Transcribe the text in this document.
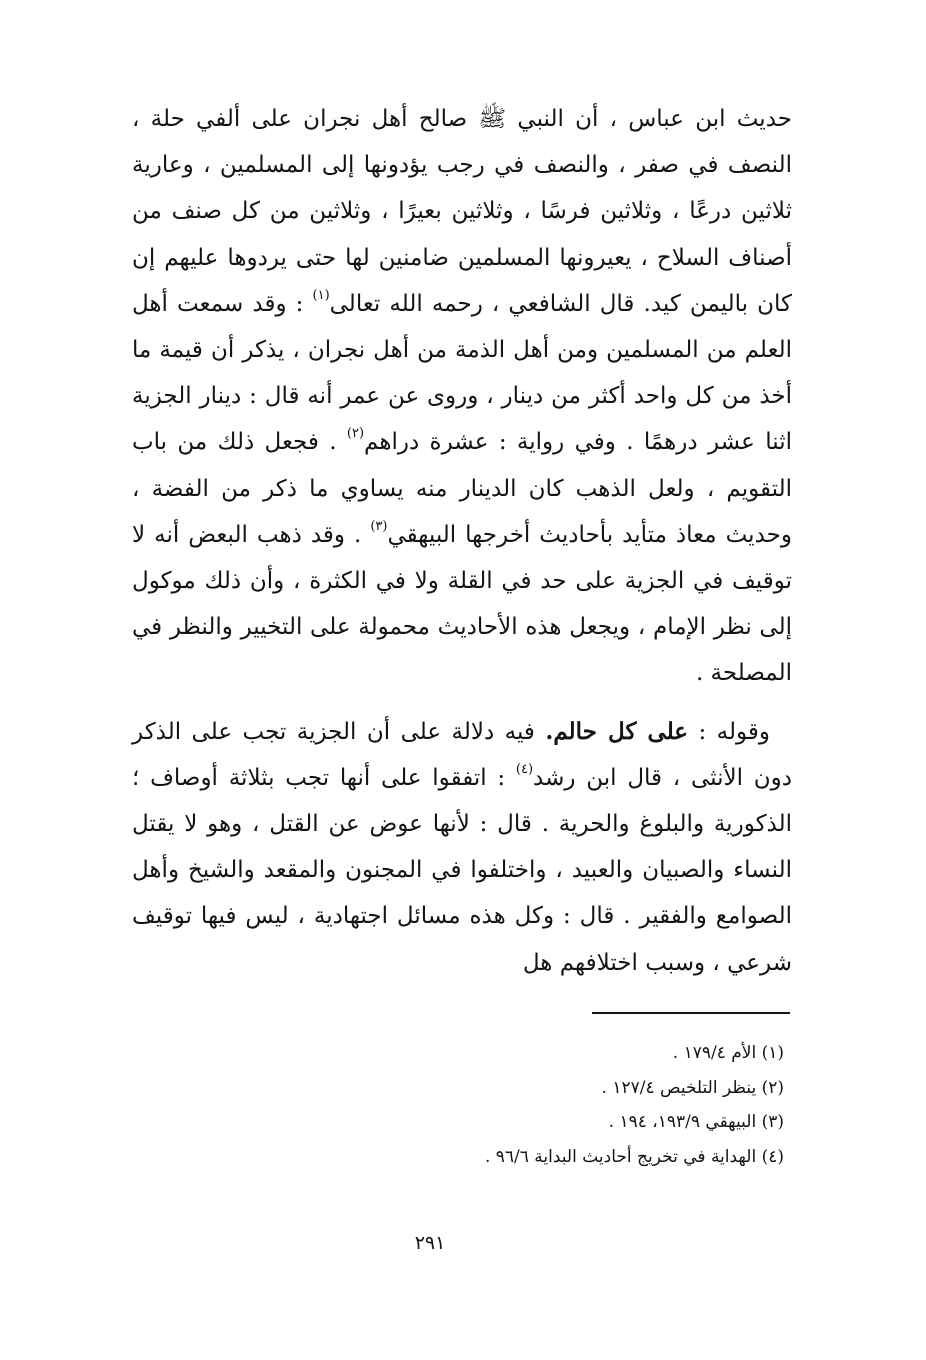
حديث ابن عباس ، أن النبي ﷺ صالح أهل نجران على ألفي حلة ، النصف في صفر ، والنصف في رجب يؤدونها إلى المسلمين ، وعارية ثلاثين درعًا ، وثلاثين فرسًا ، وثلاثين بعيرًا ، وثلاثين من كل صنف من أصناف السلاح ، يعيرونها المسلمين ضامنين لها حتى يردوها عليهم إن كان باليمن كيد. قال الشافعي ، رحمه الله تعالى$^{(١)}$ : وقد سمعت أهل العلم من المسلمين ومن أهل الذمة من أهل نجران ، يذكر أن قيمة ما أخذ من كل واحد أكثر من دينار ، وروى عن عمر أنه قال : دينار الجزية اثنا عشر درهمًا . وفي رواية : عشرة دراهم$^{(٢)}$ . فجعل ذلك من باب التقويم ، ولعل الذهب كان الدينار منه يساوي ما ذكر من الفضة ، وحديث معاذ متأيد بأحاديث أخرجها البيهقي$^{(٣)}$ . وقد ذهب البعض أنه لا توقيف في الجزية على حد في القلة ولا في الكثرة ، وأن ذلك موكول إلى نظر الإمام ، ويجعل هذه الأحاديث محمولة على التخيير والنظر في المصلحة .

وقوله : على كل حالم. فيه دلالة على أن الجزية تجب على الذكر دون الأنثى ، قال ابن رشد$^{(٤)}$ : اتفقوا على أنها تجب بثلاثة أوصاف ؛ الذكورية والبلوغ والحرية . قال : لأنها عوض عن القتل ، وهو لا يقتل النساء والصبيان والعبيد ، واختلفوا في المجنون والمقعد والشيخ وأهل الصوامع والفقير . قال : وكل هذه مسائل اجتهادية ، ليس فيها توقيف شرعي ، وسبب اختلافهم هل

(١) الأم ١٧٩/٤ .
(٢) ينظر التلخيص ١٢٧/٤ .
(٣) البيهقي ١٩٣/٩، ١٩٤ .
(٤) الهداية في تخريج أحاديث البداية ٩٦/٦ .
٢٩١
